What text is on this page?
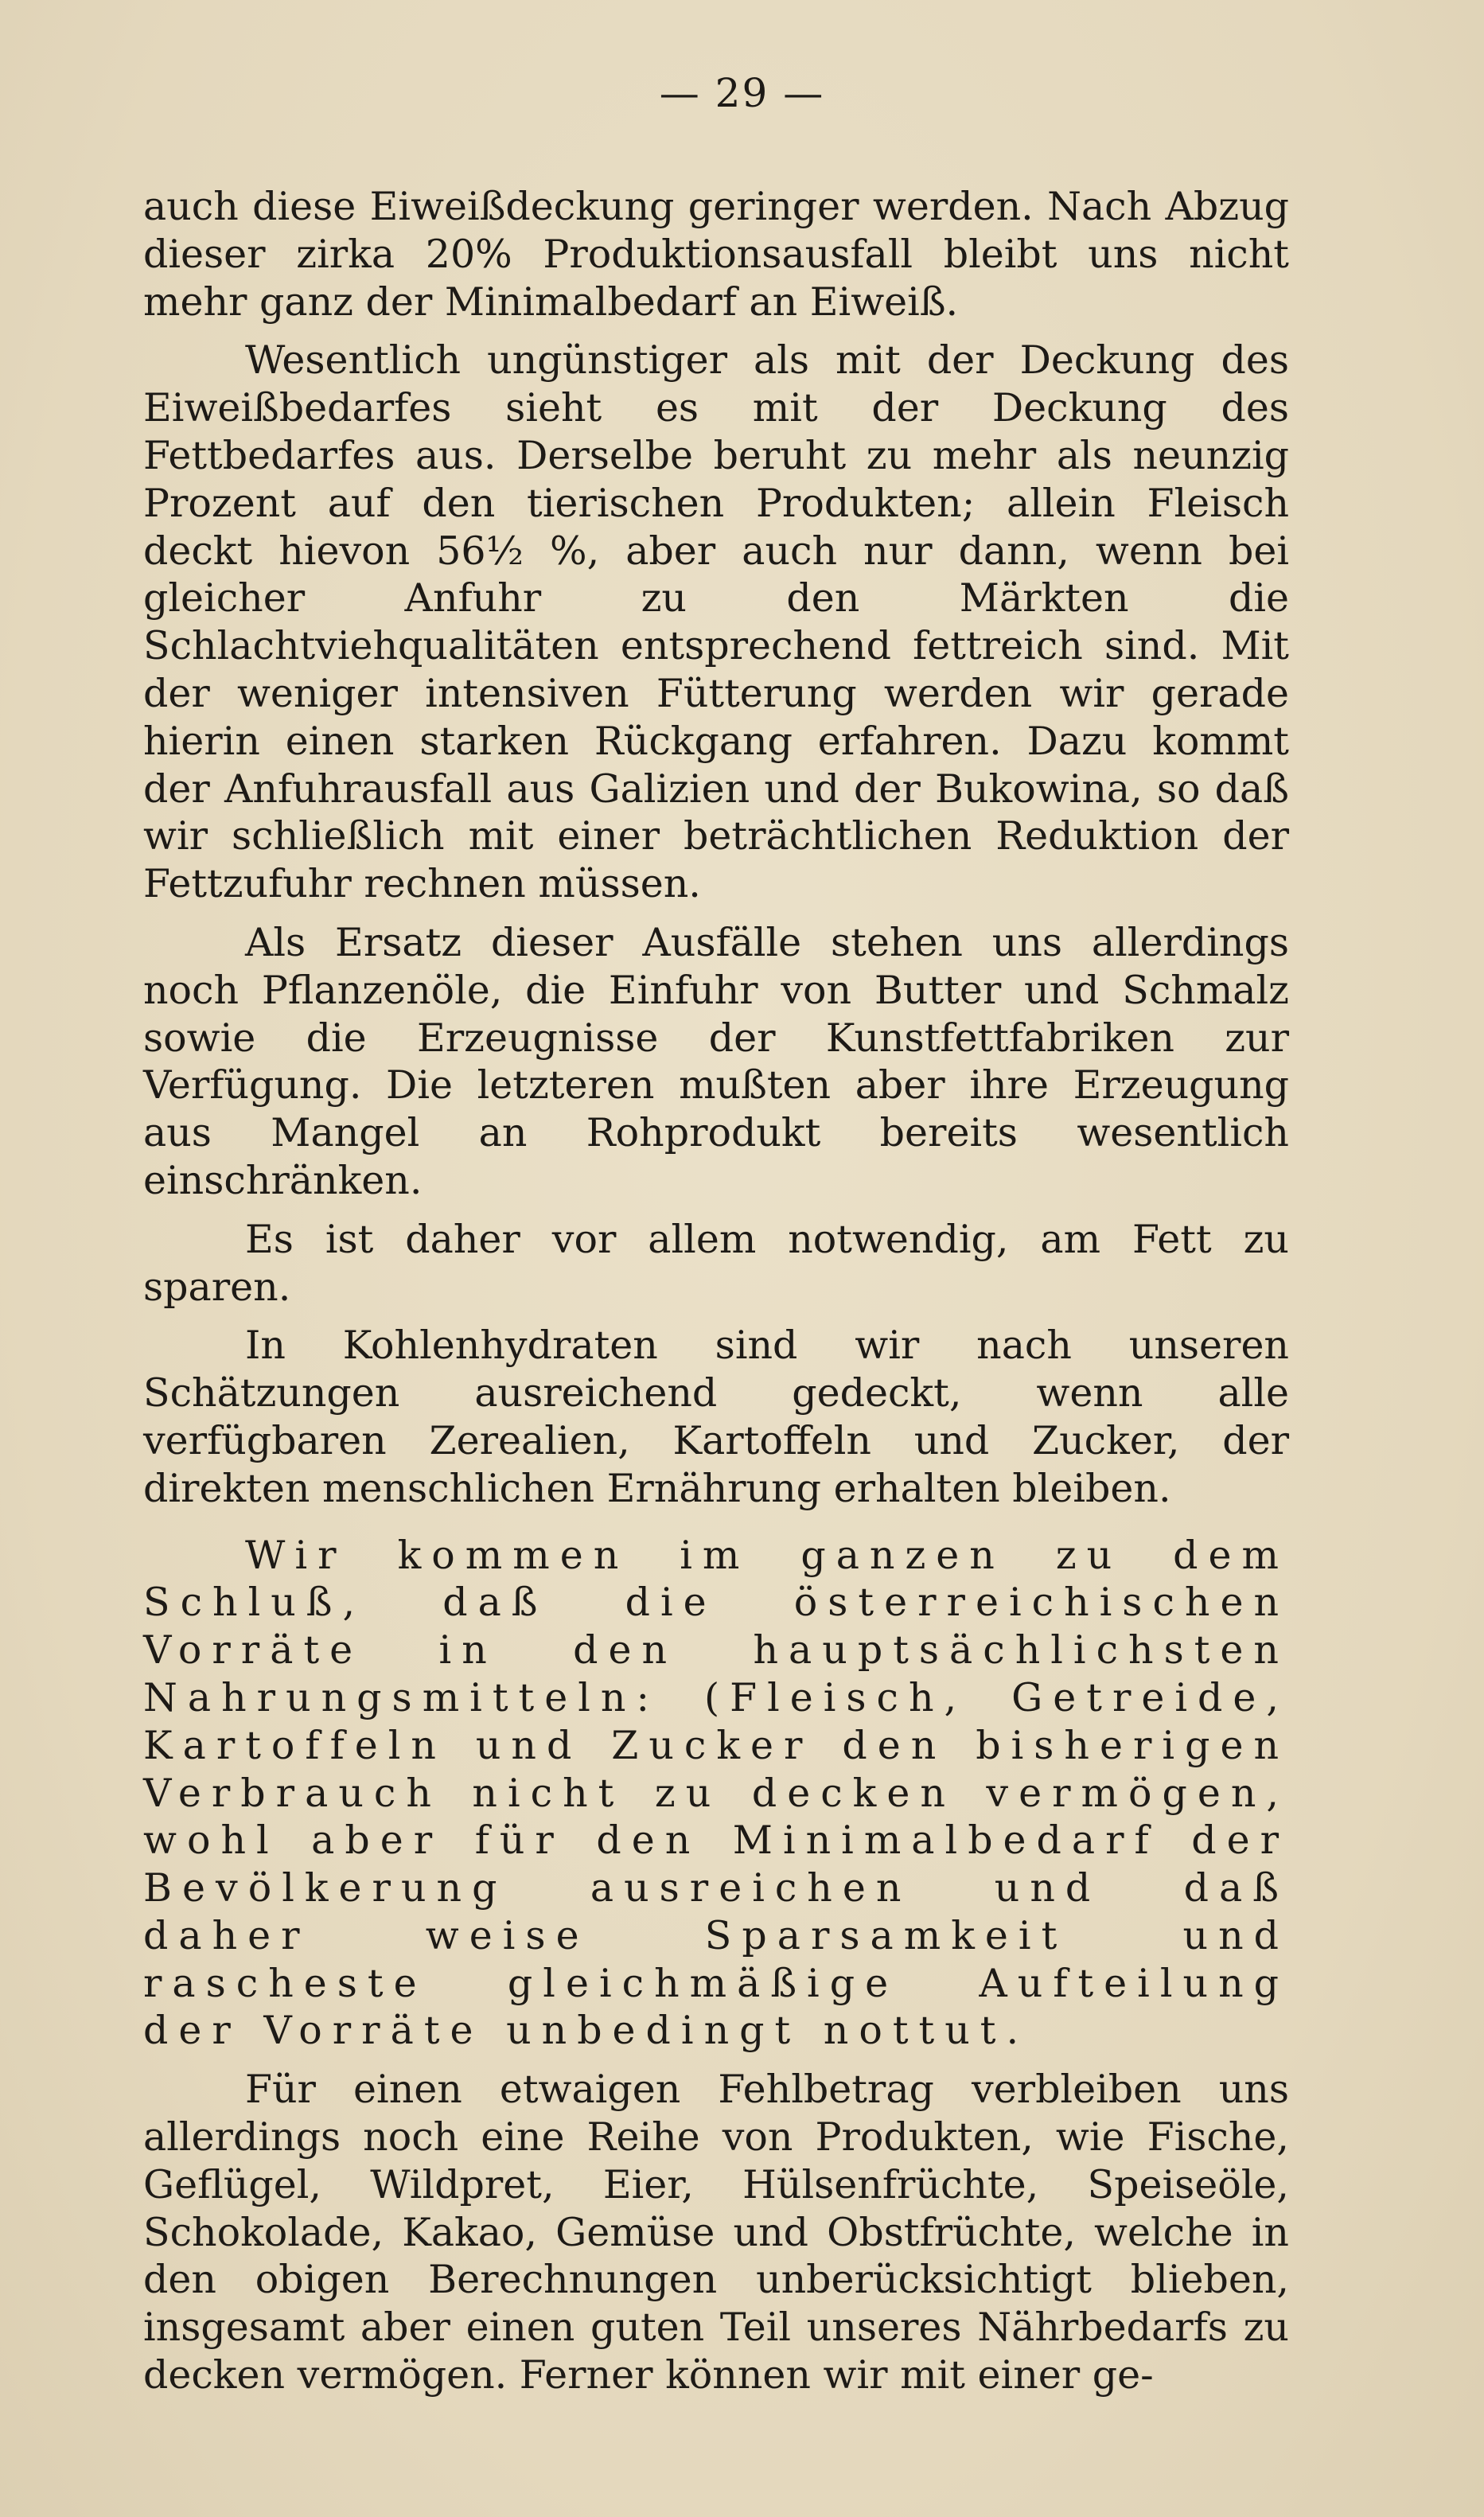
— 29 —

auch diese Eiweißdeckung geringer werden. Nach Abzug dieser zirka 20% Produktionsausfall bleibt uns nicht mehr ganz der Minimalbedarf an Eiweiß.

Wesentlich ungünstiger als mit der Deckung des Eiweißbedarfes sieht es mit der Deckung des Fettbedarfes aus. Derselbe beruht zu mehr als neunzig Prozent auf den tierischen Produkten; allein Fleisch deckt hievon 56½ %, aber auch nur dann, wenn bei gleicher Anfuhr zu den Märkten die Schlachtviehqualitäten entsprechend fettreich sind. Mit der weniger intensiven Fütterung werden wir gerade hierin einen starken Rückgang erfahren. Dazu kommt der Anfuhrausfall aus Galizien und der Bukowina, so daß wir schließlich mit einer beträchtlichen Reduktion der Fettzufuhr rechnen müssen.

Als Ersatz dieser Ausfälle stehen uns allerdings noch Pflanzenöle, die Einfuhr von Butter und Schmalz sowie die Erzeugnisse der Kunstfettfabriken zur Verfügung. Die letzteren mußten aber ihre Erzeugung aus Mangel an Rohprodukt bereits wesentlich einschränken.

Es ist daher vor allem notwendig, am Fett zu sparen.

In Kohlenhydraten sind wir nach unseren Schätzungen ausreichend gedeckt, wenn alle verfügbaren Zerealien, Kartoffeln und Zucker, der direkten menschlichen Ernährung erhalten bleiben.

Wir kommen im ganzen zu dem Schluß, daß die österreichischen Vorräte in den hauptsächlichsten Nahrungsmitteln: (Fleisch, Getreide, Kartoffeln und Zucker den bisherigen Verbrauch nicht zu decken vermögen, wohl aber für den Minimalbedarf der Bevölkerung ausreichen und daß daher weise Sparsamkeit und rascheste gleichmäßige Aufteilung der Vorräte unbedingt nottut.

Für einen etwaigen Fehlbetrag verbleiben uns allerdings noch eine Reihe von Produkten, wie Fische, Geflügel, Wildpret, Eier, Hülsenfrüchte, Speiseöle, Schokolade, Kakao, Gemüse und Obstfrüchte, welche in den obigen Berechnungen unberücksichtigt blieben, insgesamt aber einen guten Teil unseres Nährbedarfs zu decken vermögen. Ferner können wir mit einer ge-
